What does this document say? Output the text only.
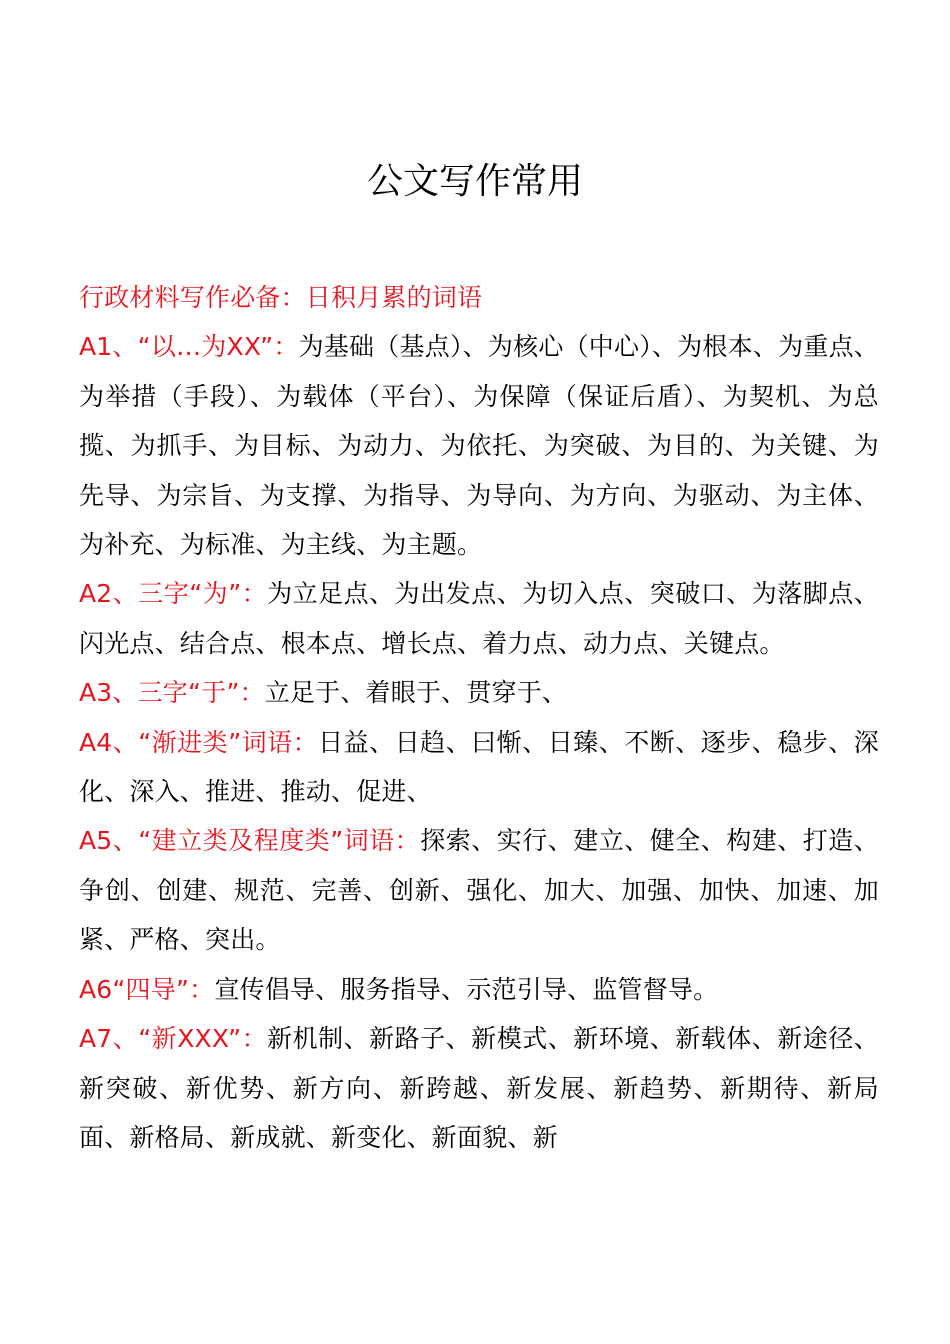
公文写作常用

行政材料写作必备：日积月累的词语

A1、“以…为XX”：为基础（基点）、为核心（中心）、为根本、为重点、为举措（手段）、为载体（平台）、为保障（保证后盾）、为契机、为总揽、为抓手、为目标、为动力、为依托、为突破、为目的、为关键、为先导、为宗旨、为支撑、为指导、为导向、为方向、为驱动、为主体、为补充、为标准、为主线、为主题。

A2、三字“为”：为立足点、为出发点、为切入点、突破口、为落脚点、闪光点、结合点、根本点、增长点、着力点、动力点、关键点。

A3、三字“于”：立足于、着眼于、贯穿于、

A4、“渐进类”词语：日益、日趋、曰惭、日臻、不断、逐步、稳步、深化、深入、推进、推动、促进、

A5、“建立类及程度类”词语：探索、实行、建立、健全、构建、打造、争创、创建、规范、完善、创新、强化、加大、加强、加快、加速、加紧、严格、突出。

A6“四导”：宣传倡导、服务指导、示范引导、监管督导。

A7、“新XXX”：新机制、新路子、新模式、新环境、新载体、新途径、新突破、新优势、新方向、新跨越、新发展、新趋势、新期待、新局面、新格局、新成就、新变化、新面貌、新
